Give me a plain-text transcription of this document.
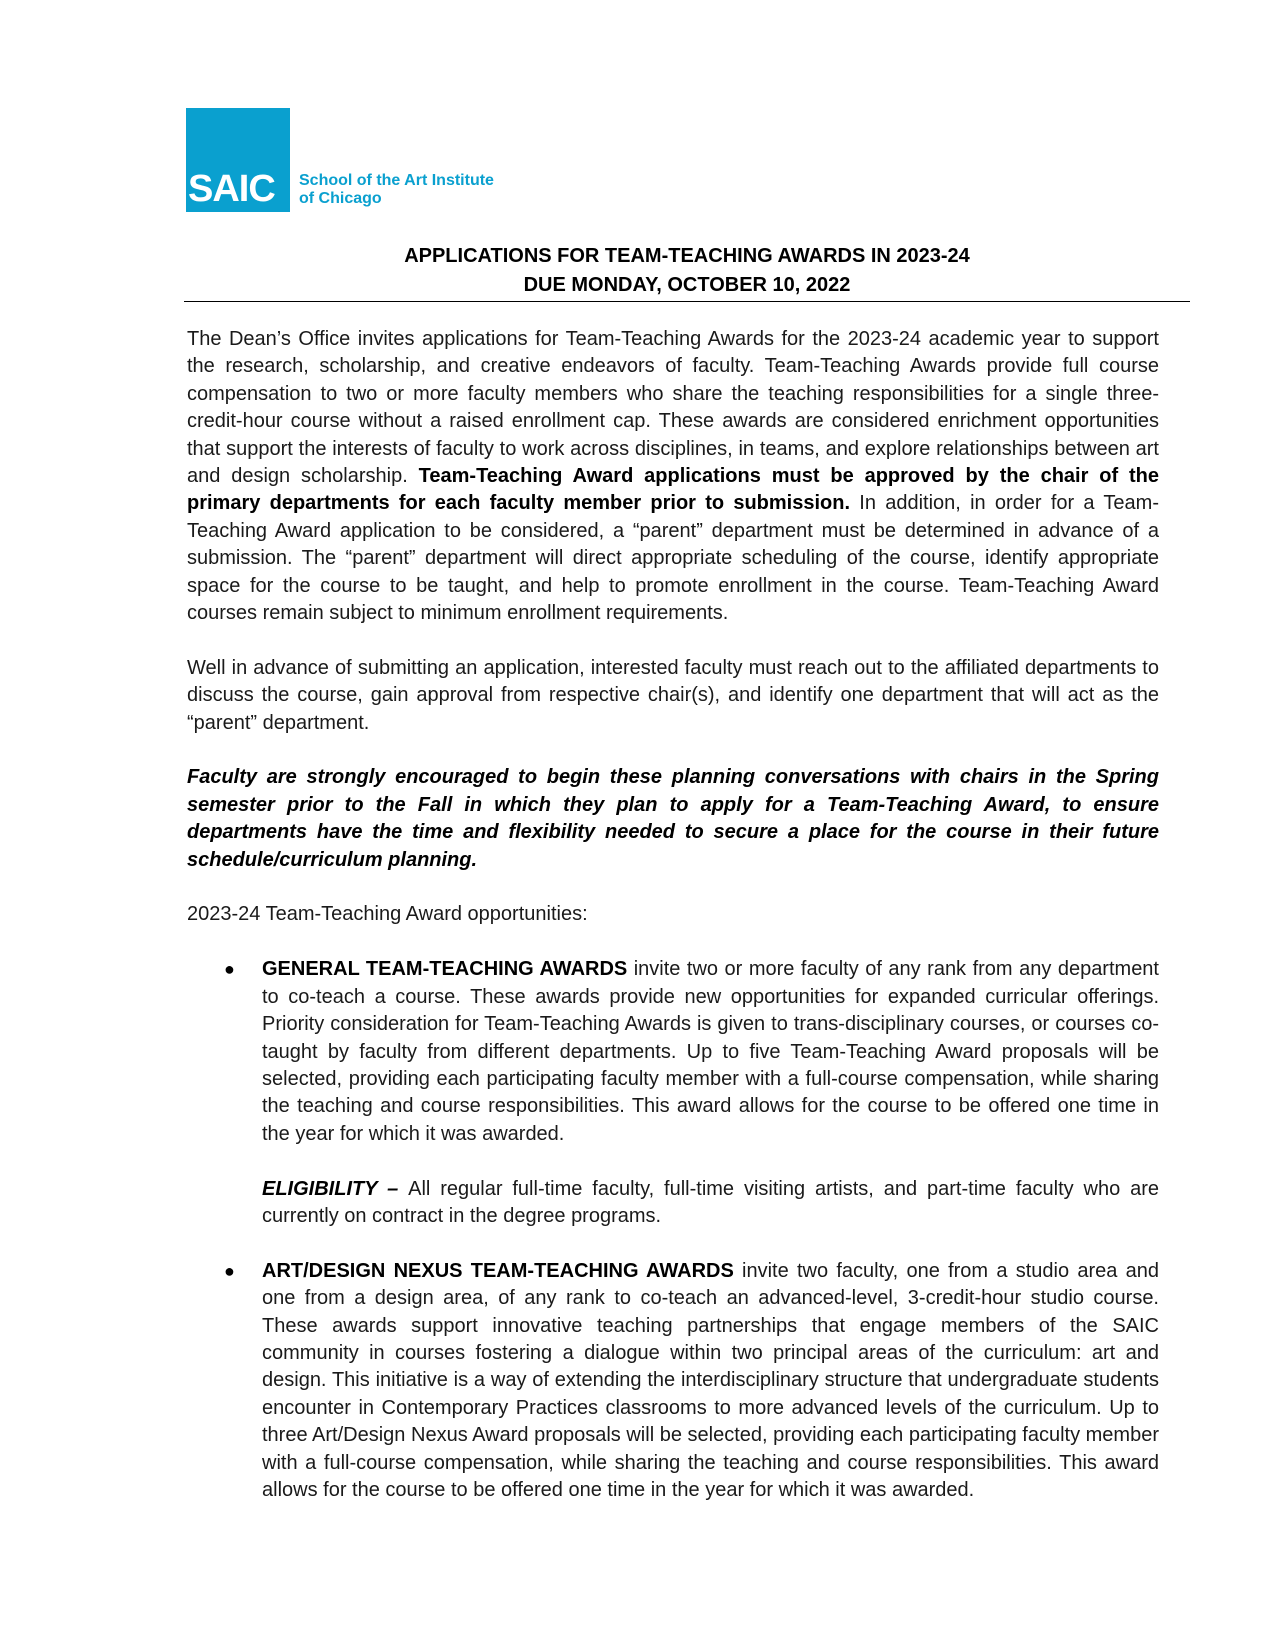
SAIC School of the Art Institute
of Chicago
APPLICATIONS FOR TEAM-TEACHING AWARDS IN 2023-24
DUE MONDAY, OCTOBER 10, 2022

The Dean’s Office invites applications for Team-Teaching Awards for the 2023-24 academic year to support the research, scholarship, and creative endeavors of faculty. Team-Teaching Awards provide full course compensation to two or more faculty members who share the teaching responsibilities for a single three-credit-hour course without a raised enrollment cap. These awards are considered enrichment opportunities that support the interests of faculty to work across disciplines, in teams, and explore relationships between art and design scholarship. Team-Teaching Award applications must be approved by the chair of the primary departments for each faculty member prior to submission. In addition, in order for a Team-Teaching Award application to be considered, a “parent” department must be determined in advance of a submission. The “parent” department will direct appropriate scheduling of the course, identify appropriate space for the course to be taught, and help to promote enrollment in the course. Team-Teaching Award courses remain subject to minimum enrollment requirements.

Well in advance of submitting an application, interested faculty must reach out to the affiliated departments to discuss the course, gain approval from respective chair(s), and identify one department that will act as the “parent” department.

Faculty are strongly encouraged to begin these planning conversations with chairs in the Spring semester prior to the Fall in which they plan to apply for a Team-Teaching Award, to ensure departments have the time and flexibility needed to secure a place for the course in their future schedule/curriculum planning.

2023-24 Team-Teaching Award opportunities:

● GENERAL TEAM-TEACHING AWARDS invite two or more faculty of any rank from any department to co-teach a course. These awards provide new opportunities for expanded curricular offerings. Priority consideration for Team-Teaching Awards is given to trans-disciplinary courses, or courses co-taught by faculty from different departments. Up to five Team-Teaching Award proposals will be selected, providing each participating faculty member with a full-course compensation, while sharing the teaching and course responsibilities. This award allows for the course to be offered one time in the year for which it was awarded.

ELIGIBILITY – All regular full-time faculty, full-time visiting artists, and part-time faculty who are currently on contract in the degree programs.

● ART/DESIGN NEXUS TEAM-TEACHING AWARDS invite two faculty, one from a studio area and one from a design area, of any rank to co-teach an advanced-level, 3-credit-hour studio course. These awards support innovative teaching partnerships that engage members of the SAIC community in courses fostering a dialogue within two principal areas of the curriculum: art and design. This initiative is a way of extending the interdisciplinary structure that undergraduate students encounter in Contemporary Practices classrooms to more advanced levels of the curriculum. Up to three Art/Design Nexus Award proposals will be selected, providing each participating faculty member with a full-course compensation, while sharing the teaching and course responsibilities. This award allows for the course to be offered one time in the year for which it was awarded.
